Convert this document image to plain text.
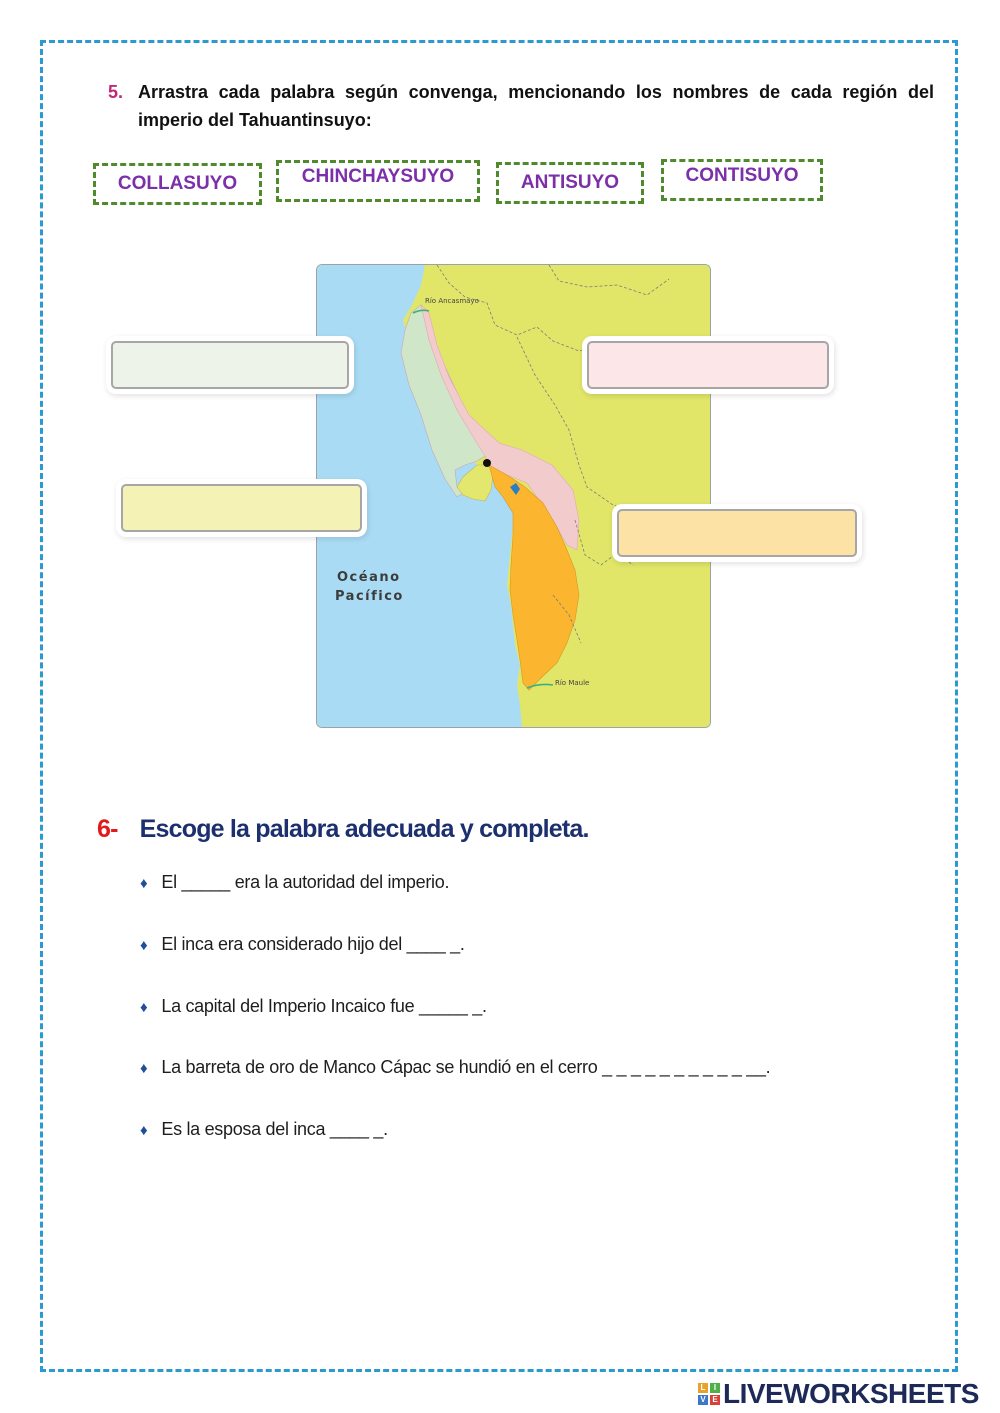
5. Arrastra cada palabra según convenga, mencionando los nombres de cada región del imperio del Tahuantinsuyo:
COLLASUYO	CHINCHAYSUYO	ANTISUYO	CONTISUYO
Océano
Pacífico
Río Ancasmayo
Río Maule
6- Escoge la palabra adecuada y completa.
♦ El _____ era la autoridad del imperio.
♦ El inca era considerado hijo del ____ _.
♦ La capital del Imperio Incaico fue _____ _.
♦ La barreta de oro de Manco Cápac se hundió en el cerro _ _ _ _ _ _ _ _ _ _ __.
♦ Es la esposa del inca ____ _.
L	I
V E LIVEWORKSHEETS
